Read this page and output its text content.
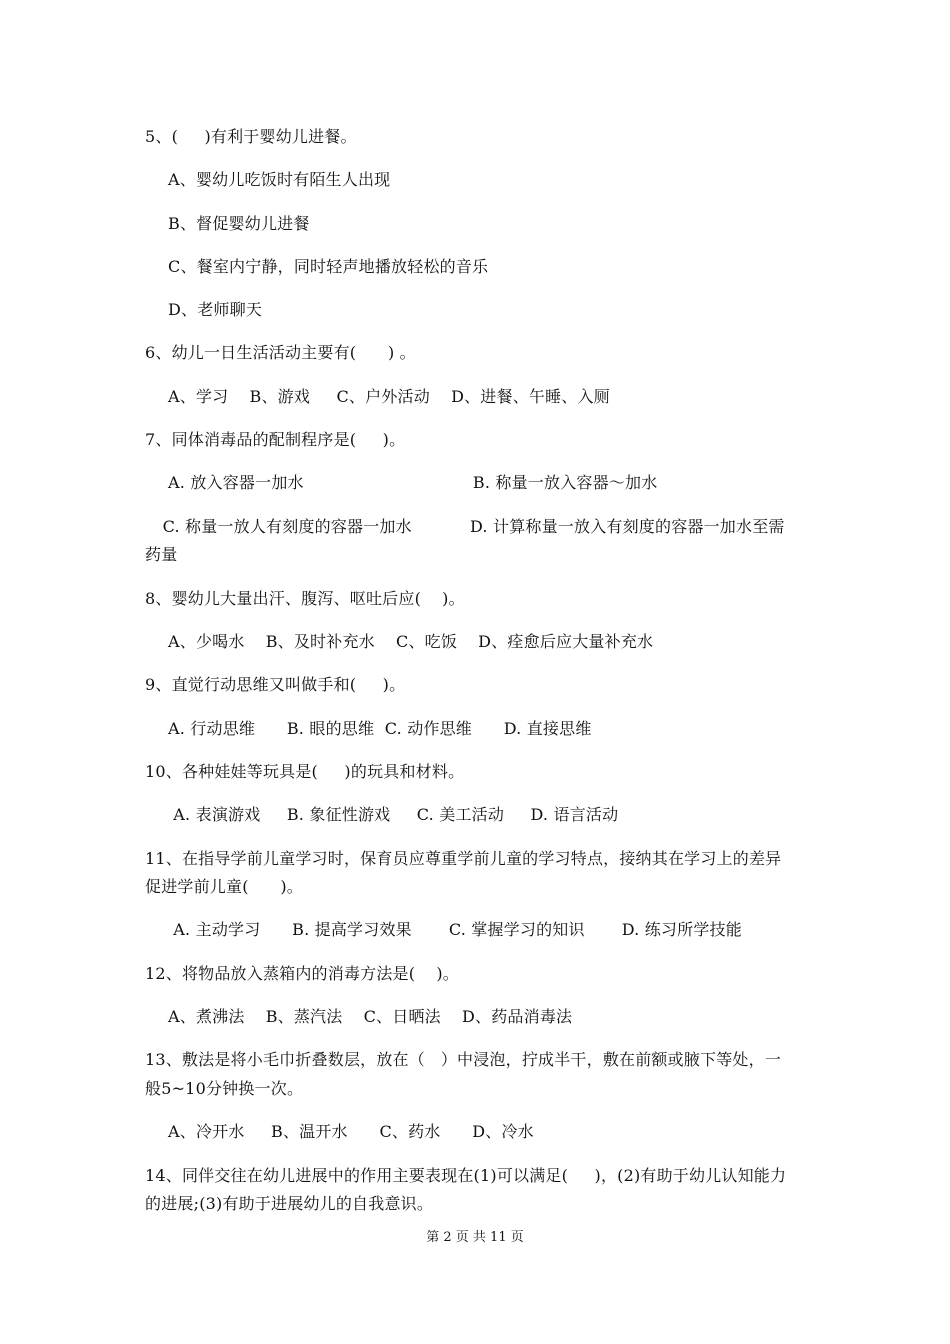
5、(     )有利于婴幼儿进餐。
A、婴幼儿吃饭时有陌生人出现
B、督促婴幼儿进餐
C、餐室内宁静，同时轻声地播放轻松的音乐
D、老师聊天
6、幼儿一日生活活动主要有(      ) 。
A、学习    B、游戏     C、户外活动    D、进餐、午睡、入厕
7、同体消毒品的配制程序是(     )。
A. 放入容器一加水                                B. 称量一放入容器～加水
C. 称量一放人有刻度的容器一加水           D. 计算称量一放入有刻度的容器一加水至需
药量
8、婴幼儿大量出汗、腹泻、呕吐后应(    )。
A、少喝水    B、及时补充水    C、吃饭    D、痊愈后应大量补充水
9、直觉行动思维又叫做手和(     )。
A. 行动思维      B. 眼的思维  C. 动作思维      D. 直接思维
10、各种娃娃等玩具是(     )的玩具和材料。
A. 表演游戏     B. 象征性游戏     C. 美工活动     D. 语言活动
11、在指导学前儿童学习时，保育员应尊重学前儿童的学习特点，接纳其在学习上的差异
促进学前儿童(      )。
A. 主动学习      B. 提高学习效果       C. 掌握学习的知识       D. 练习所学技能
12、将物品放入蒸箱内的消毒方法是(    )。
A、煮沸法    B、蒸汽法    C、日晒法    D、药品消毒法
13、敷法是将小毛巾折叠数层，放在（   ）中浸泡，拧成半干，敷在前额或腋下等处，一
般5~10分钟换一次。
A、冷开水     B、温开水      C、药水      D、冷水
14、同伴交往在幼儿进展中的作用主要表现在(1)可以满足(     )，(2)有助于幼儿认知能力
的进展;(3)有助于进展幼儿的自我意识。
第 2 页 共 11 页
